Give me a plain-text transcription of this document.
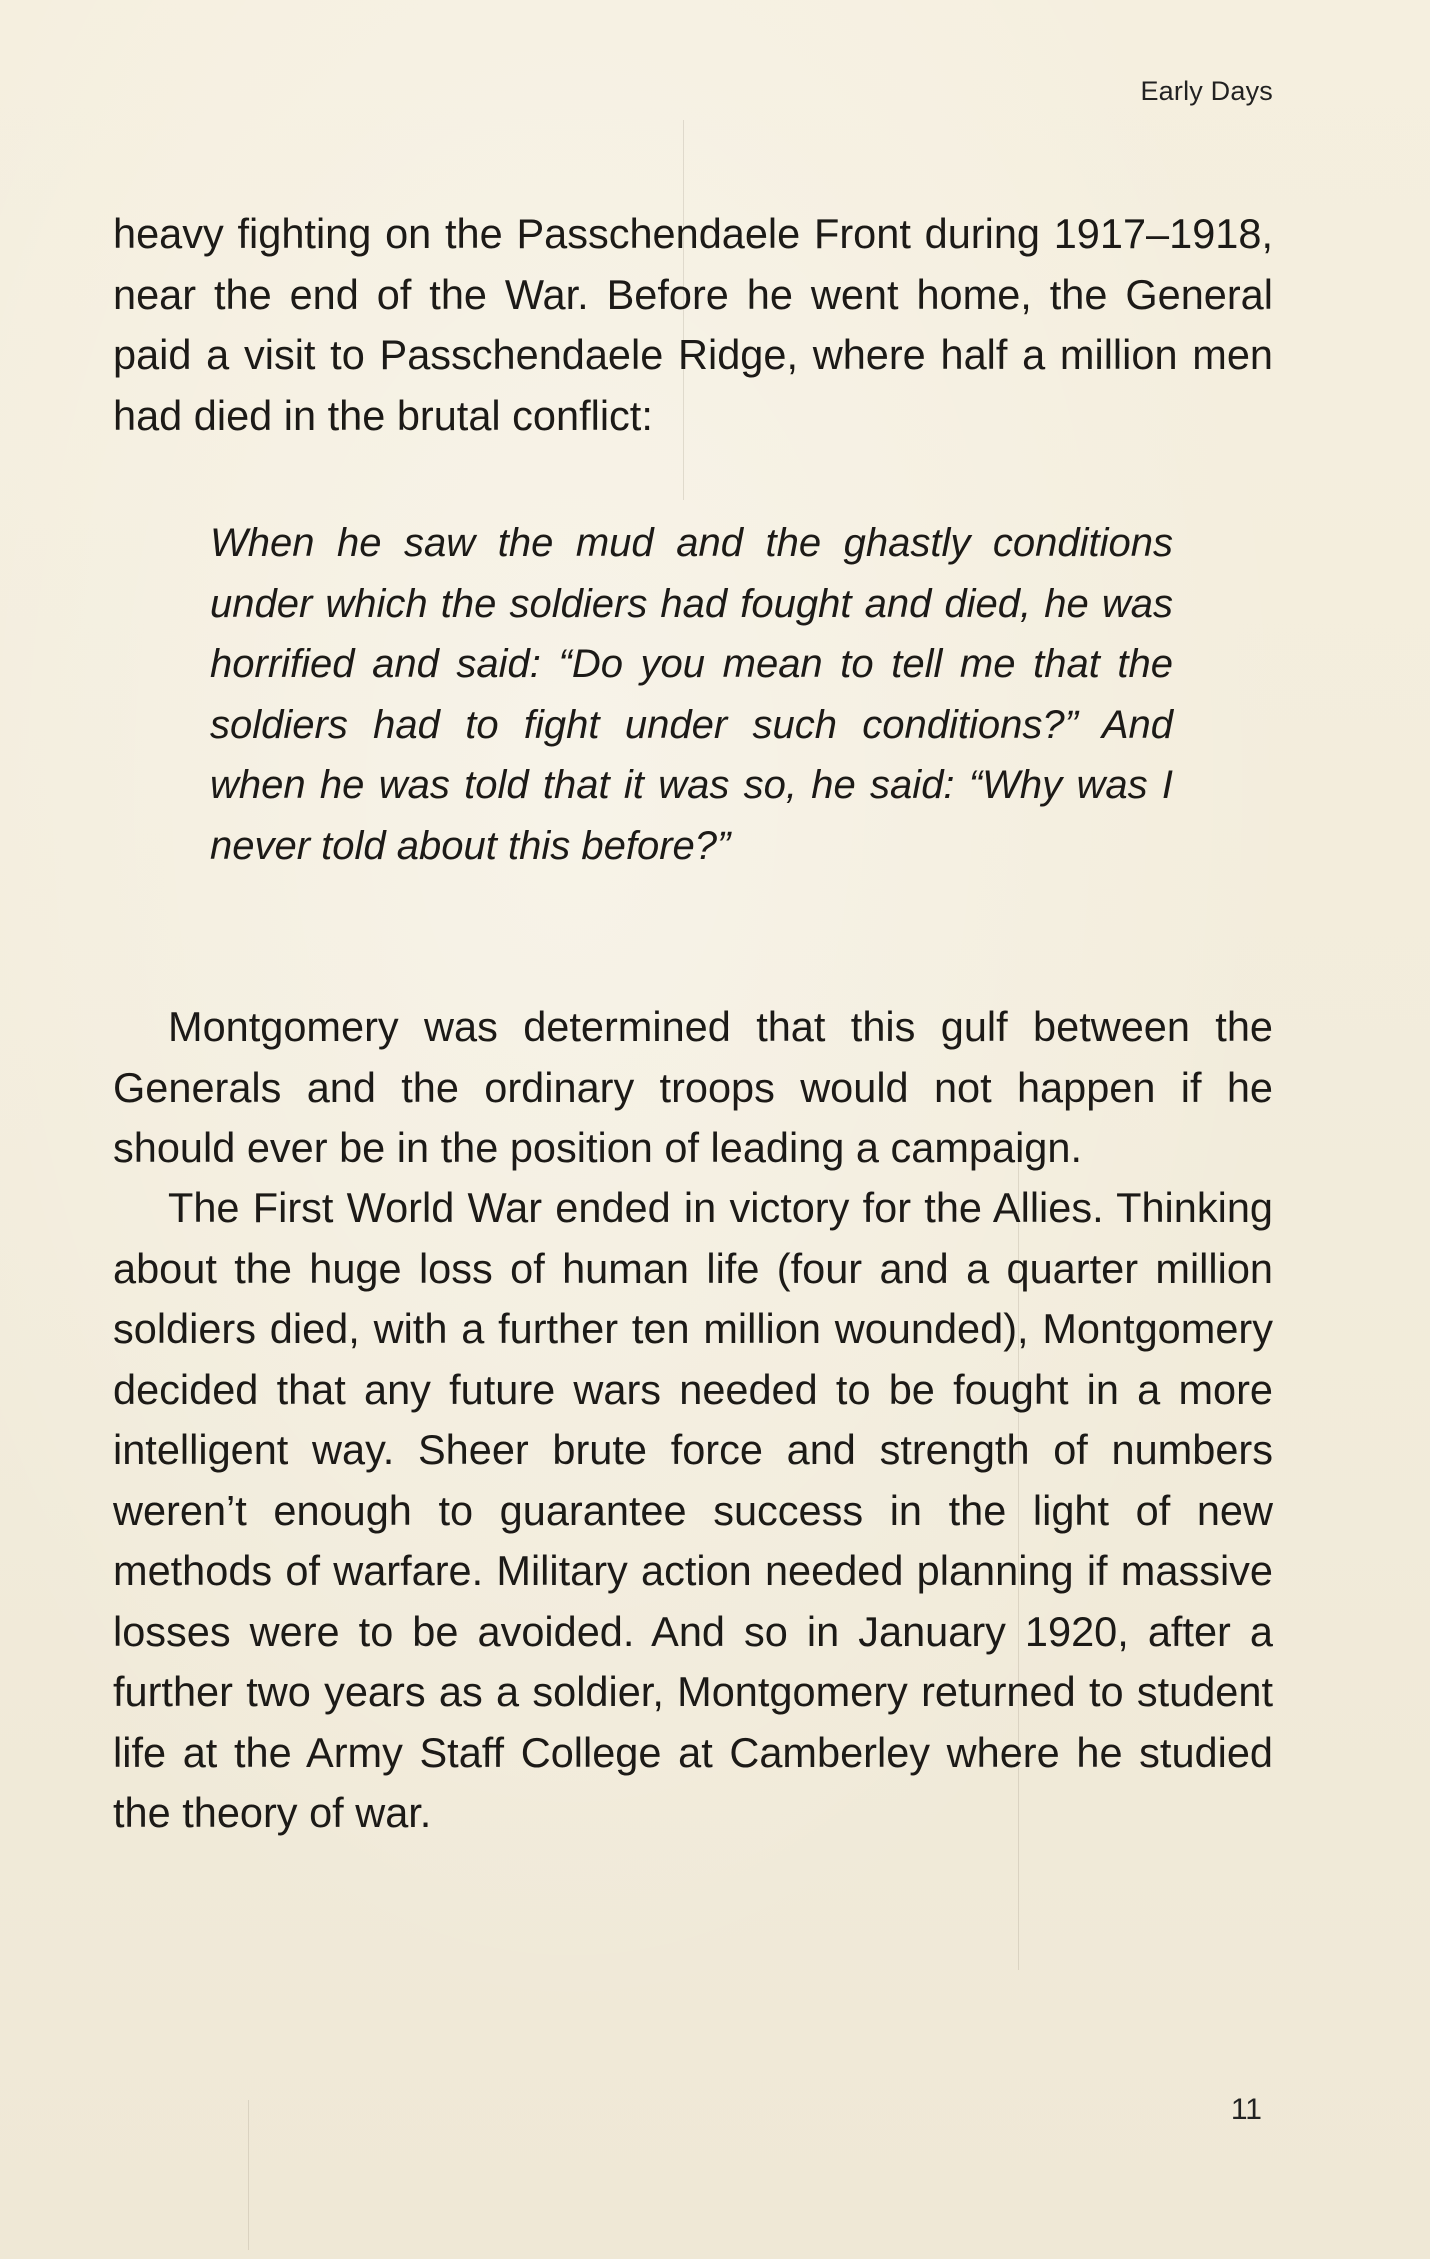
Early Days

heavy fighting on the Passchendaele Front during 1917–1918, near the end of the War. Before he went home, the General paid a visit to Passchendaele Ridge, where half a million men had died in the brutal conflict:

When he saw the mud and the ghastly conditions under which the soldiers had fought and died, he was horrified and said: “Do you mean to tell me that the soldiers had to fight under such conditions?” And when he was told that it was so, he said: “Why was I never told about this before?”

Montgomery was determined that this gulf between the Generals and the ordinary troops would not happen if he should ever be in the position of leading a campaign.

The First World War ended in victory for the Allies. Thinking about the huge loss of human life (four and a quarter million soldiers died, with a further ten million wounded), Montgomery decided that any future wars needed to be fought in a more intelligent way. Sheer brute force and strength of numbers weren’t enough to guarantee success in the light of new methods of warfare. Military action needed planning if massive losses were to be avoided. And so in January 1920, after a further two years as a soldier, Montgomery returned to student life at the Army Staff College at Camberley where he studied the theory of war.

11
